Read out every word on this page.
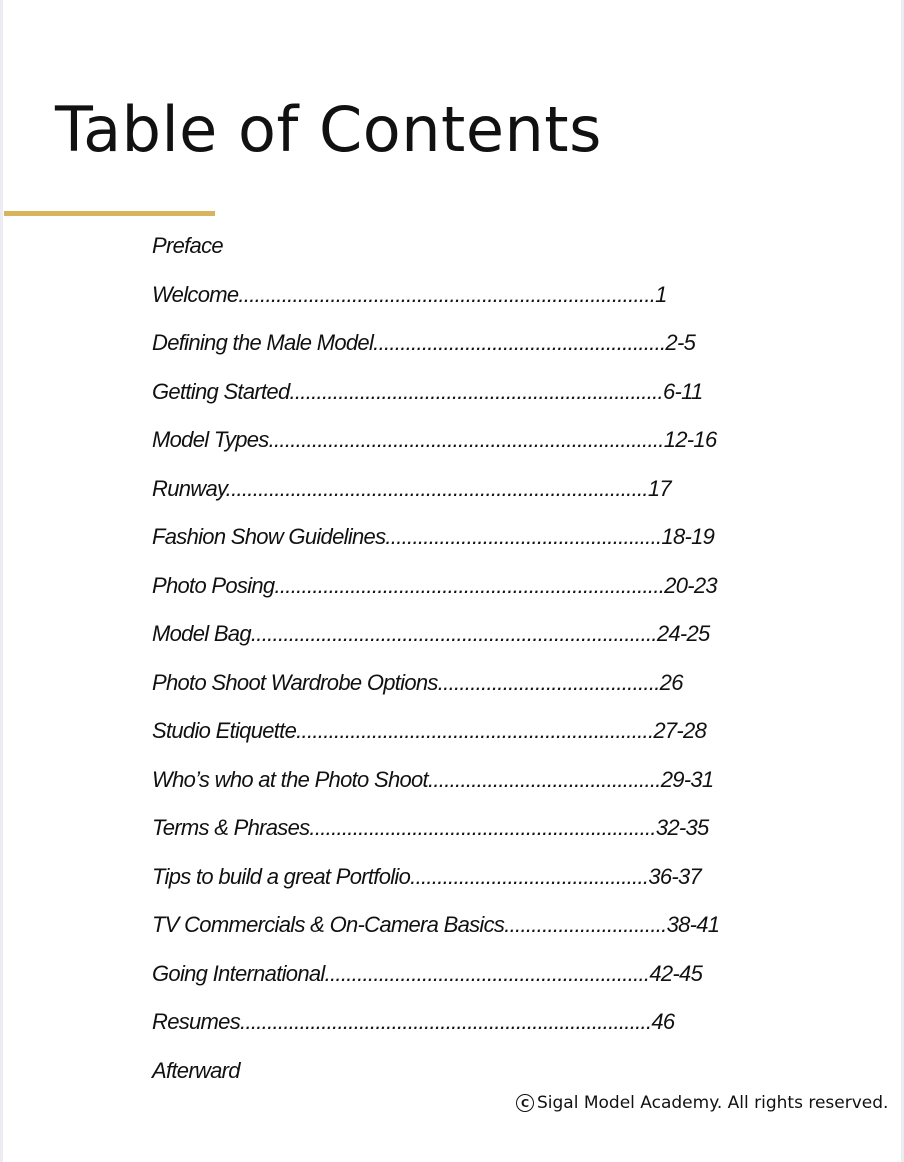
Table of Contents
Preface
Welcome.............................................................................1
Defining the Male Model......................................................2-5
Getting Started.....................................................................6-11
Model Types.........................................................................12-16
Runway..............................................................................17
Fashion Show Guidelines...................................................18-19
Photo Posing........................................................................20-23
Model Bag...........................................................................24-25
Photo Shoot Wardrobe Options.........................................26
Studio Etiquette..................................................................27-28
Who’s who at the Photo Shoot...........................................29-31
Terms & Phrases................................................................32-35
Tips to build a great Portfolio............................................36-37
TV Commercials & On-Camera Basics..............................38-41
Going International............................................................42-45
Resumes............................................................................46
Afterward
C Sigal Model Academy. All rights reserved.
